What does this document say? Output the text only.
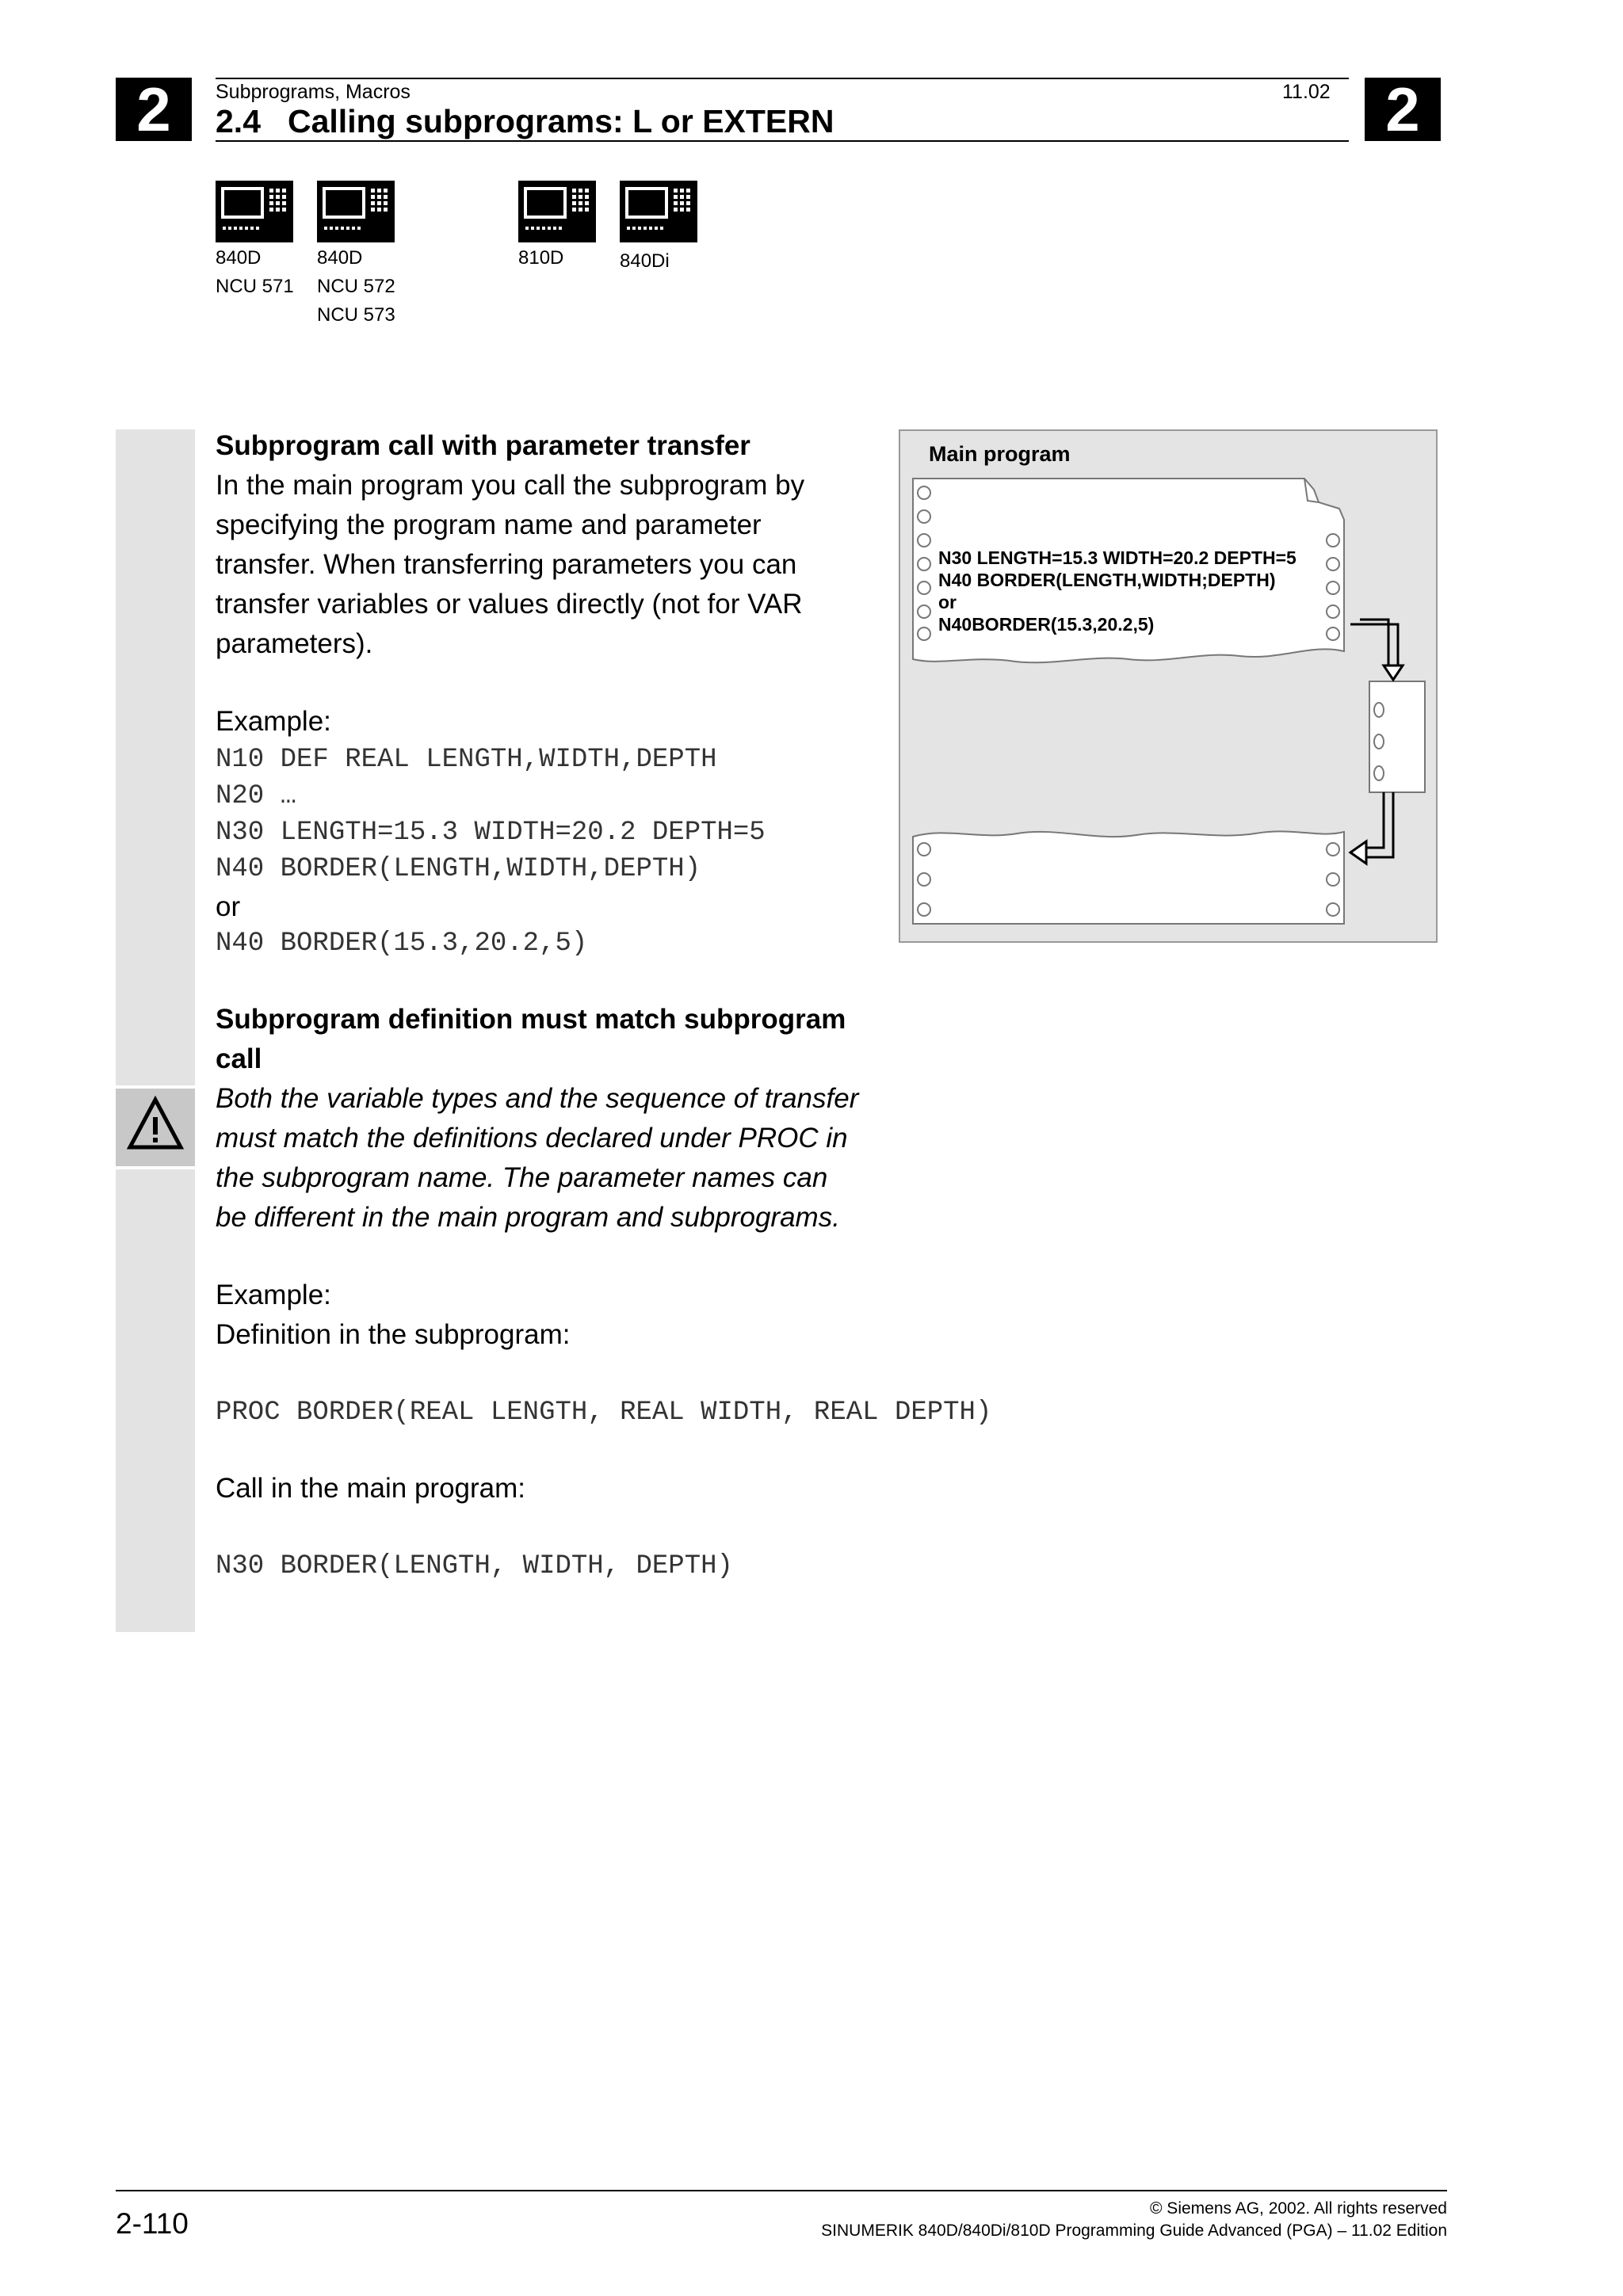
2	2
Subprograms, Macros	11.02
2.4 Calling subprograms: L or EXTERN
840D
NCU 571
840D
NCU 572
NCU 573
810D	840Di
Subprogram call with parameter transfer
In the main program you call the subprogram by
specifying the program name and parameter
transfer. When transferring parameters you can
transfer variables or values directly (not for VAR
parameters).
Example:
N10 DEF REAL LENGTH,WIDTH,DEPTH
N20 …
N30 LENGTH=15.3 WIDTH=20.2 DEPTH=5
N40 BORDER(LENGTH,WIDTH,DEPTH)
or
N40 BORDER(15.3,20.2,5)
Main program
N30 LENGTH=15.3 WIDTH=20.2 DEPTH=5
N40 BORDER(LENGTH,WIDTH;DEPTH)
or
N40BORDER(15.3,20.2,5)
Subprogram definition must match subprogram
call
Both the variable types and the sequence of transfer
must match the definitions declared under PROC in
the subprogram name. The parameter names can
be different in the main program and subprograms.
Example:
Definition in the subprogram:
PROC BORDER(REAL LENGTH, REAL WIDTH, REAL DEPTH)
Call in the main program:
N30 BORDER(LENGTH, WIDTH, DEPTH)
2-110	© Siemens AG, 2002. All rights reserved
SINUMERIK 840D/840Di/810D Programming Guide Advanced (PGA) – 11.02 Edition
